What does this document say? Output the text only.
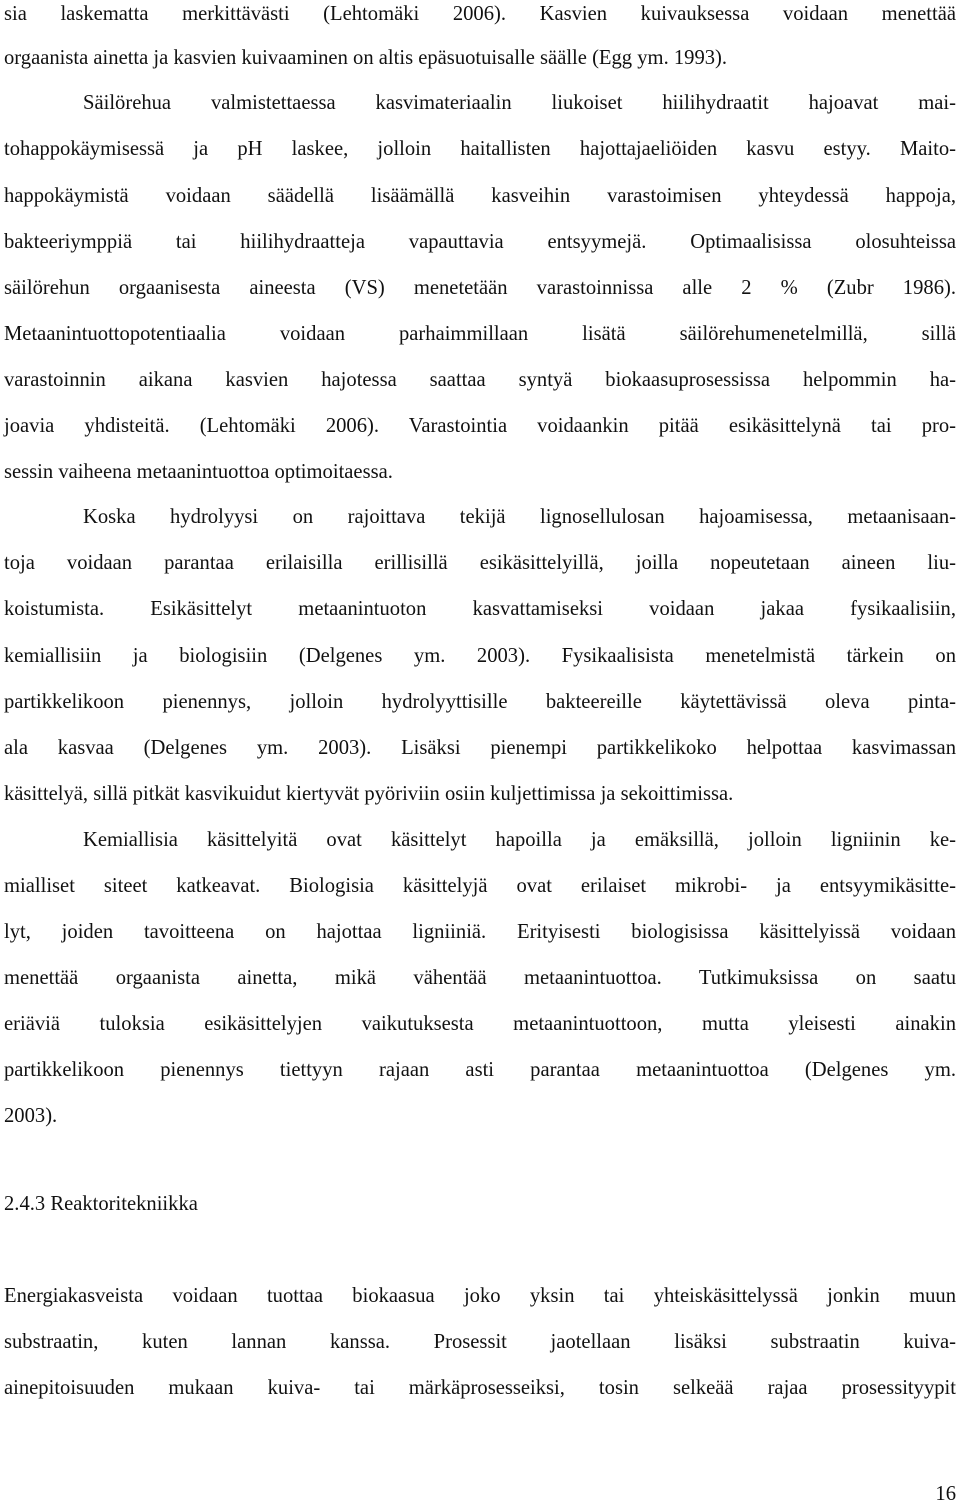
sia laskematta merkittävästi (Lehtomäki 2006). Kasvien kuivauksessa voidaan menettää
orgaanista ainetta ja kasvien kuivaaminen on altis epäsuotuisalle säälle (Egg ym. 1993).
Säilörehua valmistettaessa kasvimateriaalin liukoiset hiilihydraatit hajoavat mai-
tohappokäymisessä ja pH laskee, jolloin haitallisten hajottajaeliöiden kasvu estyy. Maito-
happokäymistä voidaan säädellä lisäämällä kasveihin varastoimisen yhteydessä happoja,
bakteeriymppiä tai hiilihydraatteja vapauttavia entsyymejä. Optimaalisissa olosuhteissa
säilörehun orgaanisesta aineesta (VS) menetetään varastoinnissa alle 2 % (Zubr 1986).
Metaanintuottopotentiaalia voidaan parhaimmillaan lisätä säilörehumenetelmillä, sillä
varastoinnin aikana kasvien hajotessa saattaa syntyä biokaasuprosessissa helpommin ha-
joavia yhdisteitä. (Lehtomäki 2006). Varastointia voidaankin pitää esikäsittelynä tai pro-
sessin vaiheena metaanintuottoa optimoitaessa.
Koska hydrolyysi on rajoittava tekijä lignosellulosan hajoamisessa, metaanisaan-
toja voidaan parantaa erilaisilla erillisillä esikäsittelyillä, joilla nopeutetaan aineen liu-
koistumista. Esikäsittelyt metaanintuoton kasvattamiseksi voidaan jakaa fysikaalisiin,
kemiallisiin ja biologisiin (Delgenes ym. 2003). Fysikaalisista menetelmistä tärkein on
partikkelikoon pienennys, jolloin hydrolyyttisille bakteereille käytettävissä oleva pinta-
ala kasvaa (Delgenes ym. 2003). Lisäksi pienempi partikkelikoko helpottaa kasvimassan
käsittelyä, sillä pitkät kasvikuidut kiertyvät pyöriviin osiin kuljettimissa ja sekoittimissa.
Kemiallisia käsittelyitä ovat käsittelyt hapoilla ja emäksillä, jolloin ligniinin ke-
mialliset siteet katkeavat. Biologisia käsittelyjä ovat erilaiset mikrobi- ja entsyymikäsitte-
lyt, joiden tavoitteena on hajottaa ligniiniä. Erityisesti biologisissa käsittelyissä voidaan
menettää orgaanista ainetta, mikä vähentää metaanintuottoa. Tutkimuksissa on saatu
eriäviä tuloksia esikäsittelyjen vaikutuksesta metaanintuottoon, mutta yleisesti ainakin
partikkelikoon pienennys tiettyyn rajaan asti parantaa metaanintuottoa (Delgenes ym.
2003).
2.4.3 Reaktoritekniikka
Energiakasveista voidaan tuottaa biokaasua joko yksin tai yhteiskäsittelyssä jonkin muun
substraatin, kuten lannan kanssa. Prosessit jaotellaan lisäksi substraatin kuiva-
ainepitoisuuden mukaan kuiva- tai märkäprosesseiksi, tosin selkeää rajaa prosessityypit
16
